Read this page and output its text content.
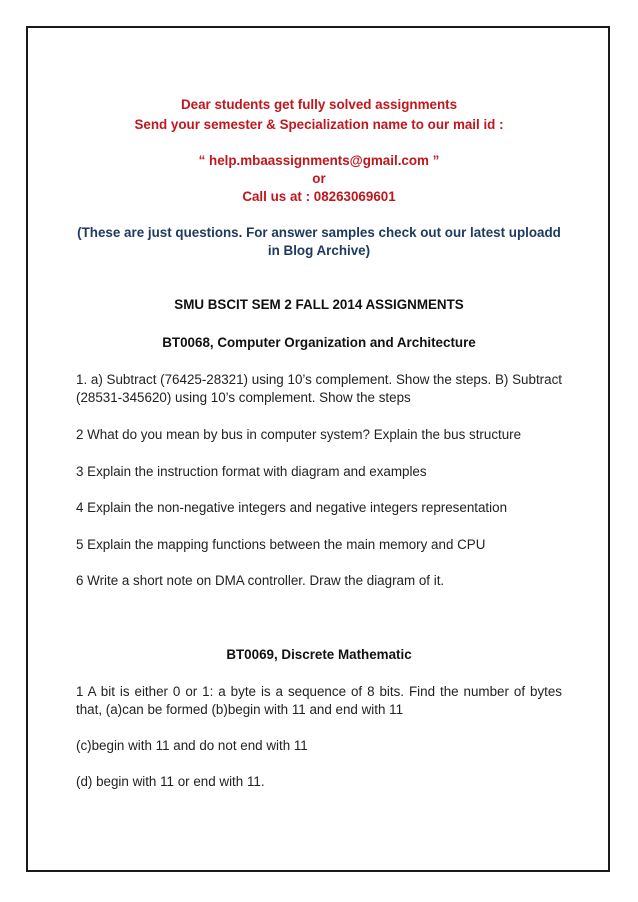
Dear students get fully solved assignments

Send your semester & Specialization name to our mail id :

“ help.mbaassignments@gmail.com ”

or

Call us at : 08263069601

(These are just questions. For answer samples check out our latest uploadd in Blog Archive)

SMU BSCIT SEM 2 FALL 2014 ASSIGNMENTS

BT0068, Computer Organization and Architecture

1. a) Subtract (76425-28321) using 10’s complement. Show the steps. B) Subtract (28531-345620) using 10’s complement. Show the steps

2 What do you mean by bus in computer system? Explain the bus structure

3 Explain the instruction format with diagram and examples

4 Explain the non-negative integers and negative integers representation

5 Explain the mapping functions between the main memory and CPU

6 Write a short note on DMA controller. Draw the diagram of it.

BT0069, Discrete Mathematic

1 A bit is either 0 or 1: a byte is a sequence of 8 bits. Find the number of bytes that, (a)can be formed (b)begin with 11 and end with 11

(c)begin with 11 and do not end with 11

(d) begin with 11 or end with 11.
